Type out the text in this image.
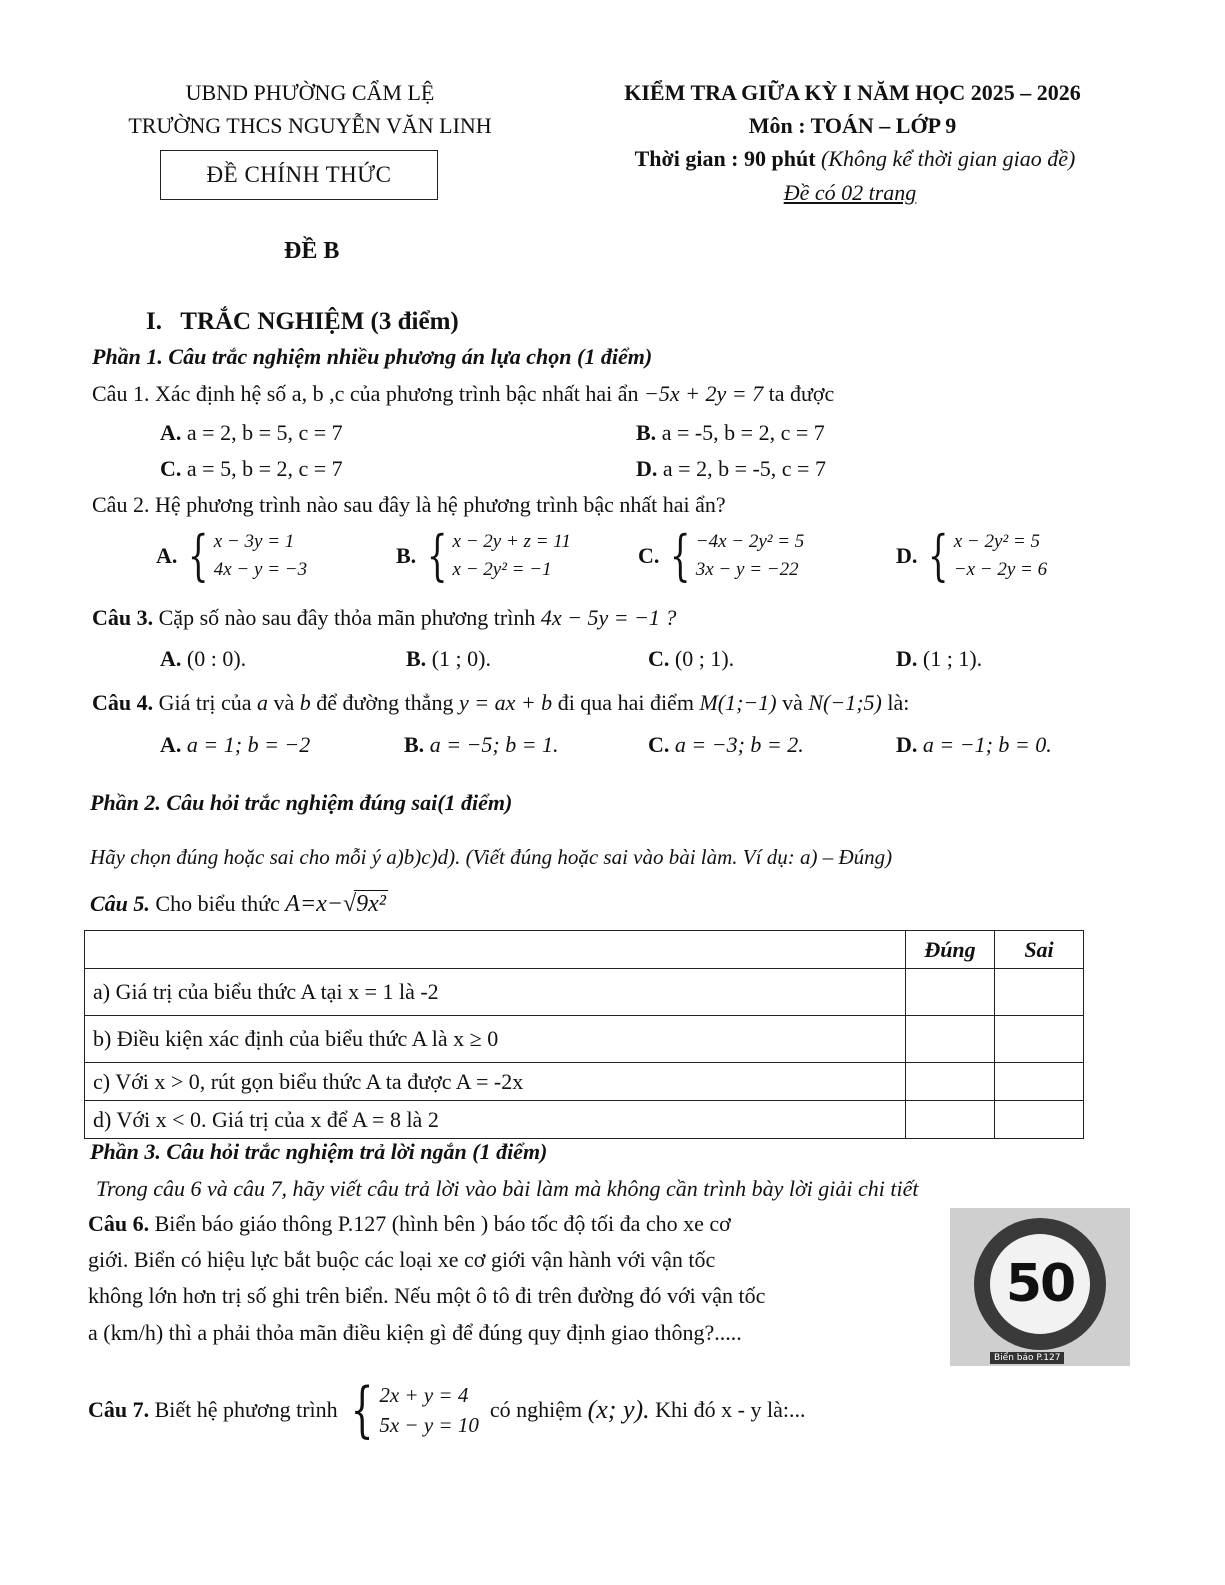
UBND PHƯỜNG CẨM LỆ
TRƯỜNG THCS NGUYỄN VĂN LINH
ĐỀ CHÍNH THỨC
KIỂM TRA GIỮA KỲ I NĂM HỌC 2025 – 2026
Môn : TOÁN – LỚP 9
Thời gian : 90 phút (Không kể thời gian giao đề)
Đề có 02 trang
ĐỀ B
I.   TRẮC NGHIỆM (3 điểm)
Phần 1. Câu trắc nghiệm nhiều phương án lựa chọn (1 điểm)
Câu 1. Xác định hệ số a, b ,c của phương trình bậc nhất hai ẩn −5x + 2y = 7 ta được
A. a = 2, b = 5, c = 7	B. a = -5, b = 2, c = 7
C. a = 5, b = 2, c = 7	D. a = 2, b = -5, c = 7
Câu 2. Hệ phương trình nào sau đây là hệ phương trình bậc nhất hai ẩn?
A. { x − 3y = 1
4x − y = −3
B. { x − 2y + z = 11
x − 2y² = −1
C. { −4x − 2y² = 5
3x − y = −22
D. { x − 2y² = 5
−x − 2y = 6
Câu 3. Cặp số nào sau đây thỏa mãn phương trình 4x − 5y = −1 ?
A. (0 : 0).	B. (1 ; 0).	C. (0 ; 1).	D. (1 ; 1).
Câu 4. Giá trị của a và b để đường thẳng y = ax + b đi qua hai điểm M(1;−1) và N(−1;5) là:
A. a = 1; b = −2	B. a = −5; b = 1.	C. a = −3; b = 2.	D. a = −1; b = 0.
Phần 2. Câu hỏi trắc nghiệm đúng sai(1 điểm)
Hãy chọn đúng hoặc sai cho mỗi ý a)b)c)d). (Viết đúng hoặc sai vào bài làm. Ví dụ: a) – Đúng)
Câu 5. Cho biểu thức A=x−√9x²
	Đúng	Sai
a) Giá trị của biểu thức A tại x = 1 là -2		
b) Điều kiện xác định của biểu thức A là x ≥ 0		
c) Với x > 0, rút gọn biểu thức A ta được A = -2x		
d) Với x < 0. Giá trị của x để A = 8 là 2		
Phần 3. Câu hỏi trắc nghiệm trả lời ngắn (1 điểm)
Trong câu 6 và câu 7, hãy viết câu trả lời vào bài làm mà không cần trình bày lời giải chi tiết
Câu 6. Biển báo giáo thông P.127 (hình bên ) báo tốc độ tối đa cho xe cơ
giới. Biển có hiệu lực bắt buộc các loại xe cơ giới vận hành với vận tốc
không lớn hơn trị số ghi trên biển. Nếu một ô tô đi trên đường đó với vận tốc
a (km/h) thì a phải thỏa mãn điều kiện gì để đúng quy định giao thông?.....
50
Biển báo P.127
Câu 7.
Biết hệ phương trình
{ 2x + y = 4
5x − y = 10

có nghiệm
(x; y).
Khi đó x - y là:...
